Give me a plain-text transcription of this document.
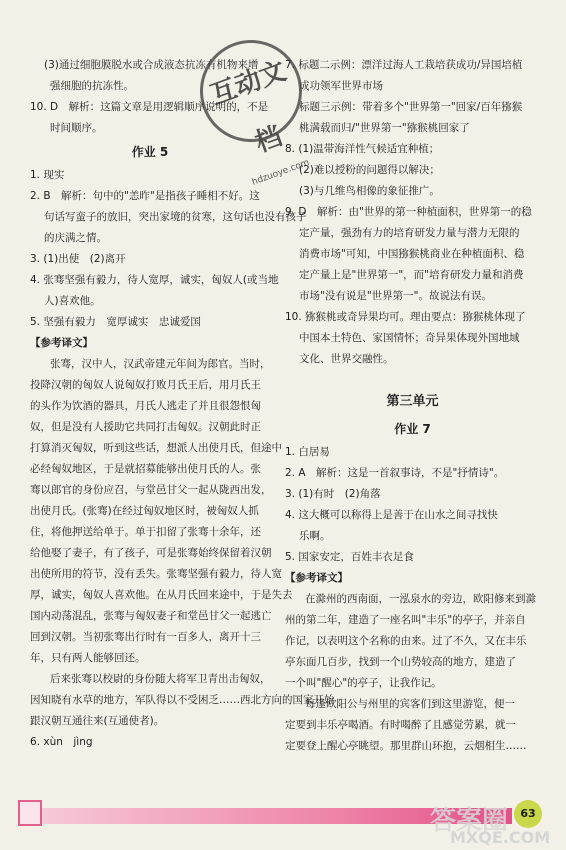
(3)通过细胞膜脱水或合成液态抗冻有机物来增
强细胞的抗冻性。
10. D　解析：这篇文章是用逻辑顺序说明的，不是
时间顺序。
作业 5
1. 现实
2. B　解析：句中的"恙昨"是指孩子睡相不好。这
句话写蛮子的放旧，突出家境的贫寒，这句话也没有孩子
的庆满之情。
3. (1)出使　(2)离开
4. 张骞坚强有毅力，待人宽厚，诚实，匈奴人(或当地
人)喜欢他。
5. 坚强有毅力　宽厚诚实　忠诚爱国
【参考译文】
张骞，汉中人，汉武帝建元年间为郎官。当时，
投降汉朝的匈奴人说匈奴打败月氏王后，用月氏王
的头作为饮酒的器具，月氏人逃走了并且很怨恨匈
奴，但是没有人援助它共同打击匈奴。汉朝此时正
打算消灭匈奴，听到这些话，想派人出使月氏，但途中
必经匈奴地区，于是就招募能够出使月氏的人。张
骞以郎官的身份应召，与堂邑甘父一起从陇西出发，
出使月氏。(张骞)在经过匈奴地区时，被匈奴人抓
住，将他押送给单于。单于扣留了张骞十余年，还
给他娶了妻子，有了孩子，可是张骞始终保留着汉朝
出使所用的符节，没有丢失。张骞坚强有毅力，待人宽
厚，诚实，匈奴人喜欢他。在从月氏回来途中，于是失去
国内动荡混乱，张骞与匈奴妻子和堂邑甘父一起逃亡
回到汉朝。当初张骞出行时有一百多人，离开十三
年，只有两人能够回还。
后来张骞以校尉的身份随大将军卫青出击匈奴，
因知晓有水草的地方，军队得以不受困乏……西北方向的国家开始
跟汉朝互通往来(互通使者)。
6. xùn　jìng
7. 标题二示例：漂洋过海人工栽培获成功/异国培植
成功领军世界市场
标题三示例：带着多个"世界第一"回家/百年猕猴
桃满载而归/"世界第一"猕猴桃回家了
8. (1)温带海洋性气候适宜种植；
(2)难以授粉的问题得以解决；
(3)与几维鸟相像的象征推广。
9. D　解析：由"世界的第一种植面积，世界第一的稳
定产量，强劲有力的培育研发力量与潜力无限的
消费市场"可知，中国猕猴桃商业在种植面积、稳
定产量上是"世界第一"，而"培育研发力量和消费
市场"没有说是"世界第一"。故说法有误。
10. 猕猴桃或奇异果均可。理由要点：猕猴桃体现了
中国本土特色、家国情怀；奇异果体现外国地域
文化、世界交融性。
第三单元
作业 7
1. 白居易
2. A　解析：这是一首叙事诗，不是"抒情诗"。
3. (1)有时　(2)角落
4. 这大概可以称得上是善于在山水之间寻找快
乐啊。
5. 国家安定，百姓丰衣足食
【参考译文】
在滁州的西南面，一泓泉水的旁边，欧阳修来到滁
州的第二年，建造了一座名叫"丰乐"的亭子，并亲自
作记，以表明这个名称的由来。过了不久，又在丰乐
亭东面几百步，找到一个山势较高的地方，建造了
一个叫"醒心"的亭子，让我作记。
每逢欧阳公与州里的宾客们到这里游览，便一
定要到丰乐亭喝酒。有时喝醉了且感觉劳累，就一
定要登上醒心亭眺望。那里群山环抱，云烟相生……
互动文档
hdzuoye.com
63
答案圈
MXQE.COM
